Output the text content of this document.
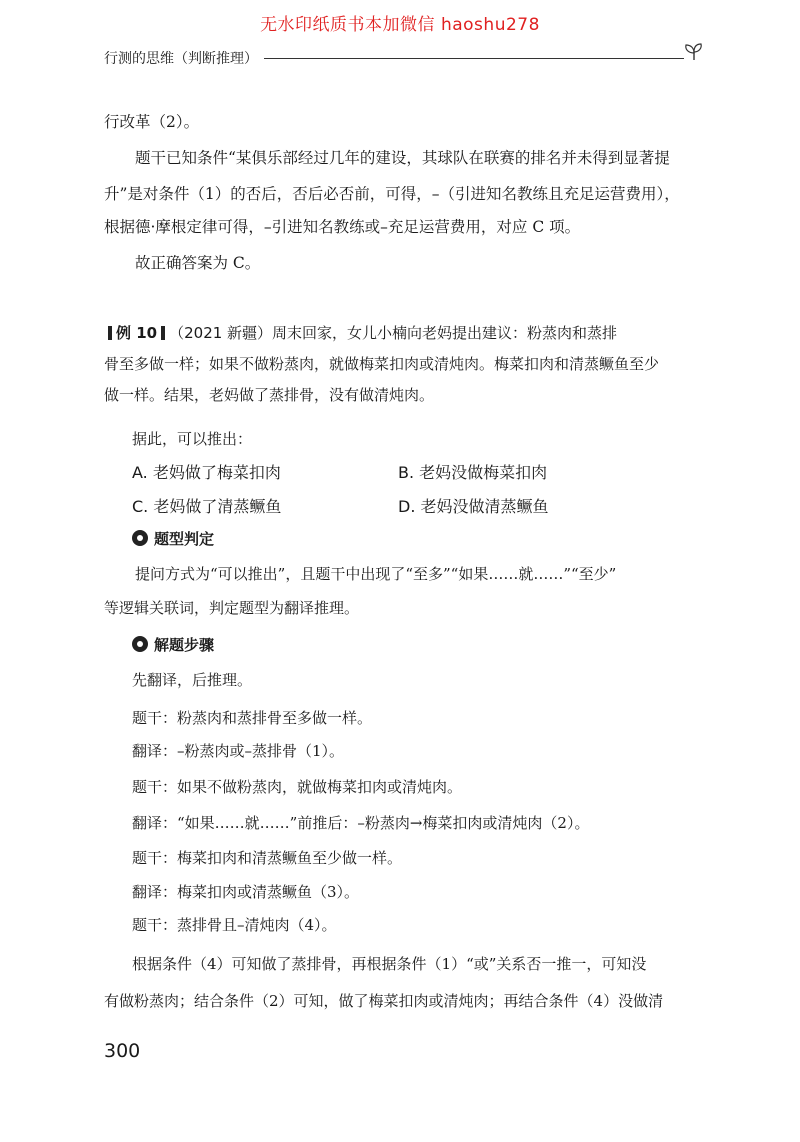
无水印纸质书本加微信 haoshu278
行测的思维（判断推理）
行改革（2）。
题干已知条件“某俱乐部经过几年的建设，其球队在联赛的排名并未得到显著提
升”是对条件（1）的否后，否后必否前，可得，–（引进知名教练且充足运营费用），
根据德·摩根定律可得，–引进知名教练或–充足运营费用，对应 C 项。
故正确答案为 C。
例 10 （2021 新疆）周末回家，女儿小楠向老妈提出建议：粉蒸肉和蒸排
骨至多做一样；如果不做粉蒸肉，就做梅菜扣肉或清炖肉。梅菜扣肉和清蒸鳜鱼至少
做一样。结果，老妈做了蒸排骨，没有做清炖肉。
据此，可以推出：
A. 老妈做了梅菜扣肉	B. 老妈没做梅菜扣肉
C. 老妈做了清蒸鳜鱼	D. 老妈没做清蒸鳜鱼
题型判定
提问方式为“可以推出”，且题干中出现了“至多”“如果……就……”“至少”
等逻辑关联词，判定题型为翻译推理。
解题步骤
先翻译，后推理。
题干：粉蒸肉和蒸排骨至多做一样。
翻译：–粉蒸肉或–蒸排骨（1）。
题干：如果不做粉蒸肉，就做梅菜扣肉或清炖肉。
翻译：“如果……就……”前推后：–粉蒸肉→梅菜扣肉或清炖肉（2）。
题干：梅菜扣肉和清蒸鳜鱼至少做一样。
翻译：梅菜扣肉或清蒸鳜鱼（3）。
题干：蒸排骨且–清炖肉（4）。
根据条件（4）可知做了蒸排骨，再根据条件（1）“或”关系否一推一，可知没
有做粉蒸肉；结合条件（2）可知，做了梅菜扣肉或清炖肉；再结合条件（4）没做清
300
